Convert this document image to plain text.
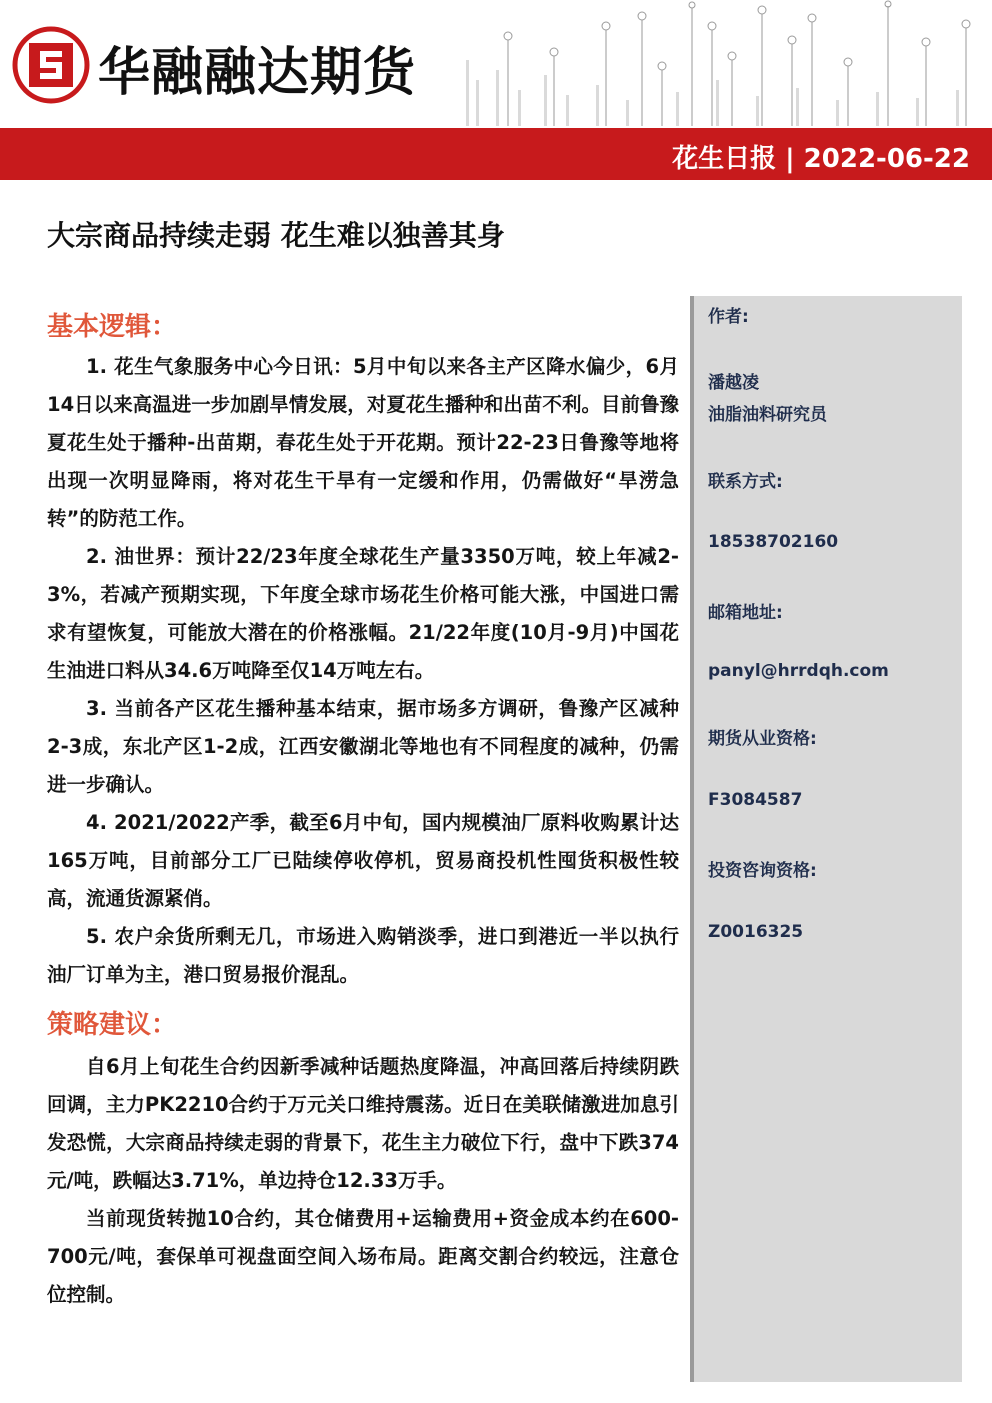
华融融达期货
花生日报 | 2022-06-22
大宗商品持续走弱 花生难以独善其身
基本逻辑：

1. 花生气象服务中心今日讯：5月中旬以来各主产区降水偏少，6月14日以来高温进一步加剧旱情发展，对夏花生播种和出苗不利。目前鲁豫夏花生处于播种-出苗期，春花生处于开花期。预计22-23日鲁豫等地将出现一次明显降雨，将对花生干旱有一定缓和作用，仍需做好“旱涝急转”的防范工作。

2. 油世界：预计22/23年度全球花生产量3350万吨，较上年减2-3%，若减产预期实现，下年度全球市场花生价格可能大涨，中国进口需求有望恢复，可能放大潜在的价格涨幅。21/22年度(10月-9月)中国花生油进口料从34.6万吨降至仅14万吨左右。

3. 当前各产区花生播种基本结束，据市场多方调研，鲁豫产区减种2-3成，东北产区1-2成，江西安徽湖北等地也有不同程度的减种，仍需进一步确认。

4. 2021/2022产季，截至6月中旬，国内规模油厂原料收购累计达165万吨，目前部分工厂已陆续停收停机，贸易商投机性囤货积极性较高，流通货源紧俏。

5. 农户余货所剩无几，市场进入购销淡季，进口到港近一半以执行油厂订单为主，港口贸易报价混乱。

策略建议：

自6月上旬花生合约因新季减种话题热度降温，冲高回落后持续阴跌回调，主力PK2210合约于万元关口维持震荡。近日在美联储激进加息引发恐慌，大宗商品持续走弱的背景下，花生主力破位下行，盘中下跌374元/吨，跌幅达3.71%，单边持仓12.33万手。

当前现货转抛10合约，其仓储费用+运输费用+资金成本约在600-700元/吨，套保单可视盘面空间入场布局。距离交割合约较远，注意仓位控制。

作者:
潘越凌
油脂油料研究员
联系方式:
18538702160
邮箱地址:
panyl@hrrdqh.com
期货从业资格:
F3084587
投资咨询资格:
Z0016325
